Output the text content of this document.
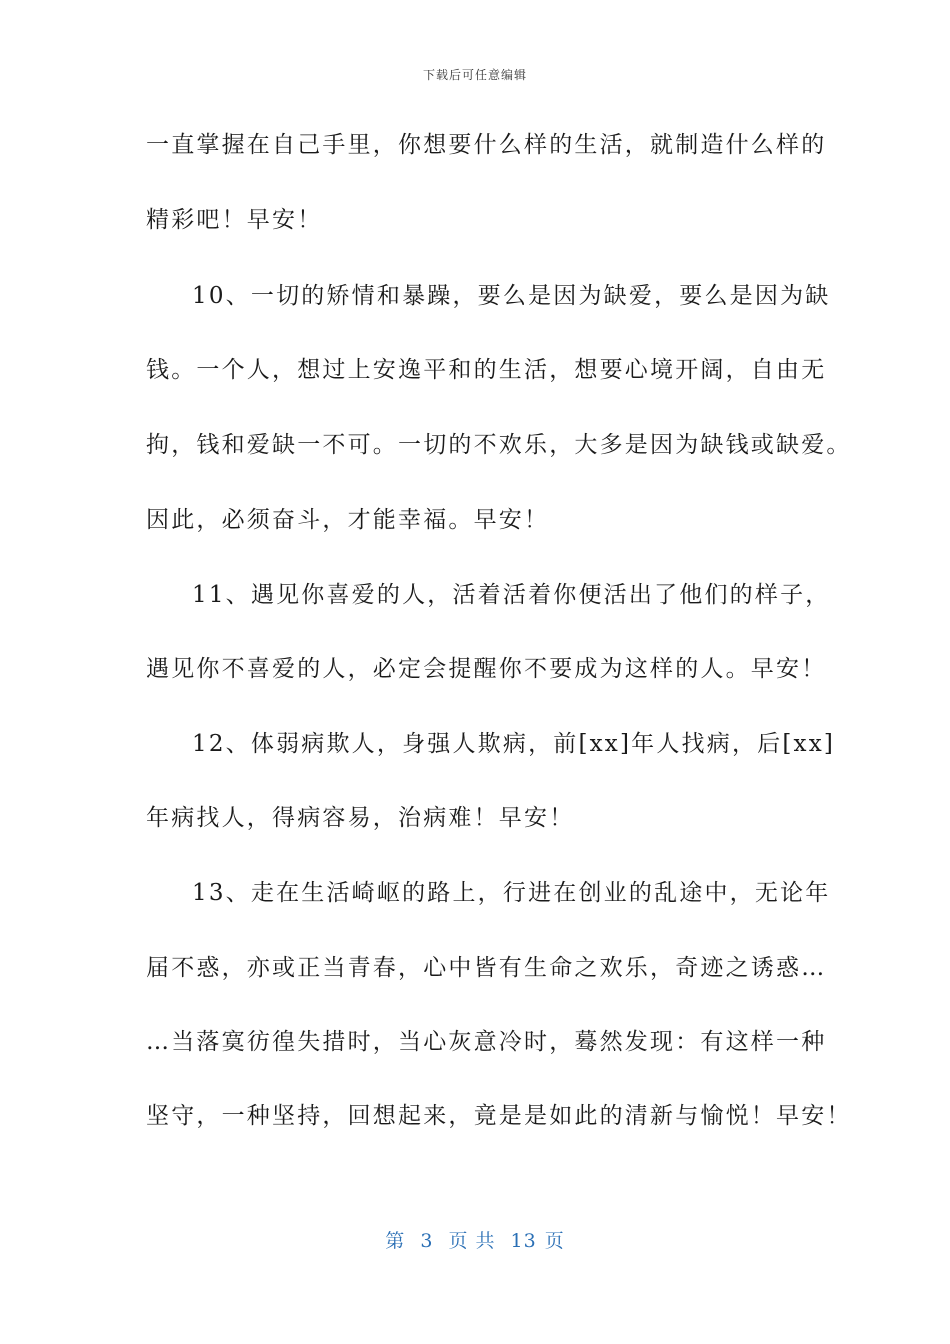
下载后可任意编辑
一直掌握在自己手里，你想要什么样的生活，就制造什么样的
精彩吧！早安！
10、一切的矫情和暴躁，要么是因为缺爱，要么是因为缺
钱。一个人，想过上安逸平和的生活，想要心境开阔，自由无
拘，钱和爱缺一不可。一切的不欢乐，大多是因为缺钱或缺爱。
因此，必须奋斗，才能幸福。早安！
11、遇见你喜爱的人，活着活着你便活出了他们的样子，
遇见你不喜爱的人，必定会提醒你不要成为这样的人。早安！
12、体弱病欺人，身强人欺病，前[xx]年人找病，后[xx]
年病找人，得病容易，治病难！早安！
13、走在生活崎岖的路上，行进在创业的乱途中，无论年
届不惑，亦或正当青春，心中皆有生命之欢乐，奇迹之诱惑…
…当落寞彷徨失措时，当心灰意冷时，蓦然发现：有这样一种
坚守，一种坚持，回想起来，竟是是如此的清新与愉悦！早安！
第 3 页 共 13 页
